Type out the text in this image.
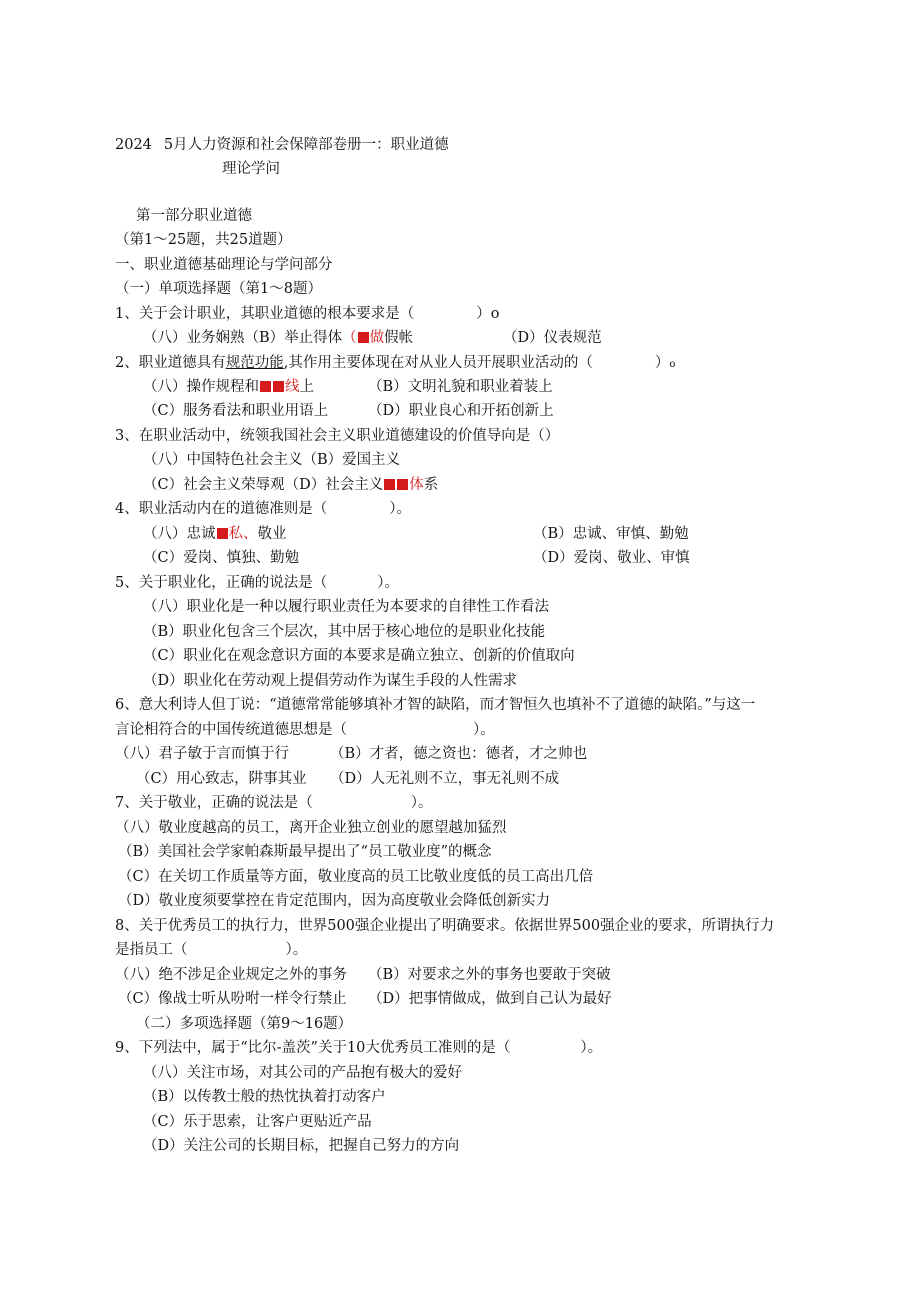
2024 5月人力资源和社会保障部卷册一：职业道德
理论学问
第一部分职业道德
（第1〜25题，共25道题）
一、职业道德基础理论与学问部分
（一）单项选择题（第1〜8题）
1、关于会计职业，其职业道德的根本要求是（	）o
（八）业务娴熟（B）举止得体（ 做假帐	（D）仪表规范
2、职业道德具有规范功能,其作用主要体现在对从业人员开展职业活动的（	）o
（八）操作规程和 线上	（B）文明礼貌和职业着装上
（C）服务看法和职业用语上	（D）职业良心和开拓创新上
3、在职业活动中，统领我国社会主义职业道德建设的价值导向是（）
（八）中国特色社会主义（B）爱国主义
（C）社会主义荣辱观（D）社会主义 体系
4、职业活动内在的道德准则是（	）。
（八）忠诚 私、敬业	（B）忠诚、审慎、勤勉
（C）爱岗、慎独、勤勉	（D）爱岗、敬业、审慎
5、关于职业化，正确的说法是（	）。
（八）职业化是一种以履行职业责任为本要求的自律性工作看法
（B）职业化包含三个层次，其中居于核心地位的是职业化技能
（C）职业化在观念意识方面的本要求是确立独立、创新的价值取向
（D）职业化在劳动观上提倡劳动作为谋生手段的人性需求
6、意大利诗人但丁说：“道德常常能够填补才智的缺陷，而才智恒久也填补不了道德的缺陷。”与这一
言论相符合的中国传统道德思想是（	）。
（八）君子敏于言而慎于行	（B）才者，德之资也：德者，才之帅也
（C）用心致志，阱事其业 （D）人无礼则不立，事无礼则不成
7、关于敬业，正确的说法是（	）。
（八）敬业度越高的员工，离开企业独立创业的愿望越加猛烈
（B）美国社会学家帕森斯最早提出了“员工敬业度”的概念
（C）在关切工作质量等方面，敬业度高的员工比敬业度低的员工高出几倍
（D）敬业度须要掌控在肯定范围内，因为高度敬业会降低创新实力
8、关于优秀员工的执行力，世界500强企业提出了明确要求。依据世界500强企业的要求，所谓执行力
是指员工（	）。
（八）绝不涉足企业规定之外的事务 （B）对要求之外的事务也要敢于突破
（C）像战士听从吩咐一样令行禁止 （D）把事情做成，做到自己认为最好
（二）多项选择题（第9〜16题）
9、下列法中，属于“比尔-盖茨”关于10大优秀员工准则的是（	）。
（八）关注市场，对其公司的产品抱有极大的爱好
（B）以传教士般的热忱执着打动客户
（C）乐于思索，让客户更贴近产品
（D）关注公司的长期目标，把握自己努力的方向
